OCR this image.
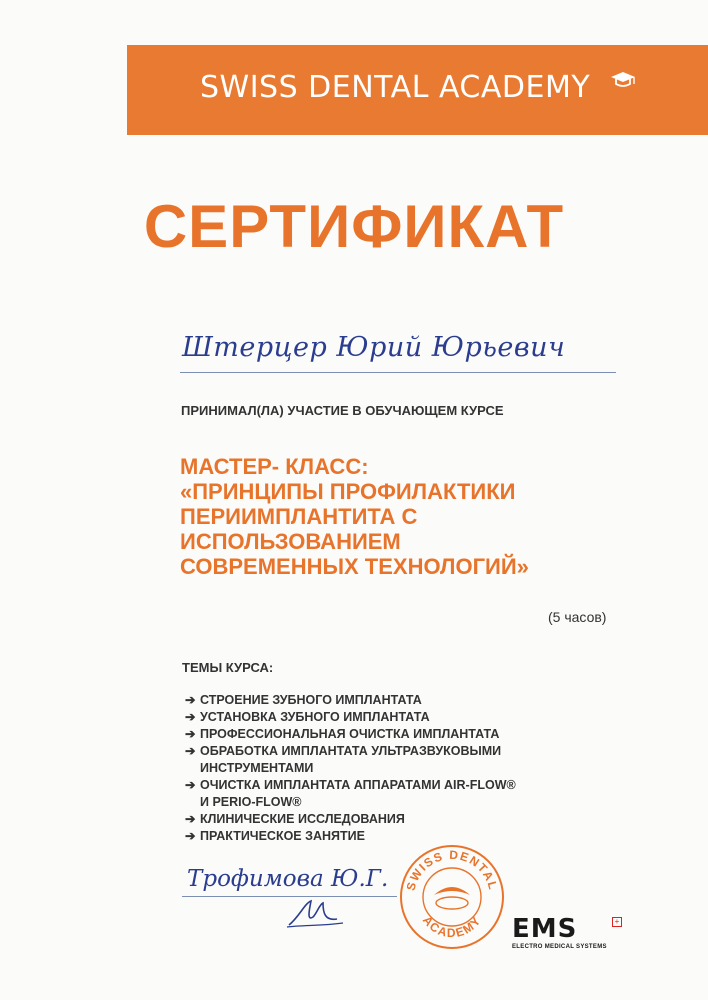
SWISS DENTAL ACADEMY
СЕРТИФИКАТ
Штерцер Юрий Юрьевич
ПРИНИМАЛ(ЛА) УЧАСТИЕ В ОБУЧАЮЩЕМ КУРСЕ
МАСТЕР- КЛАСС:
«ПРИНЦИПЫ ПРОФИЛАКТИКИ
ПЕРИИМПЛАНТИТА С
ИСПОЛЬЗОВАНИЕМ
СОВРЕМЕННЫХ ТЕХНОЛОГИЙ»
(5 часов)
ТЕМЫ КУРСА:
➔ СТРОЕНИЕ ЗУБНОГО ИМПЛАНТАТА
➔ УСТАНОВКА ЗУБНОГО ИМПЛАНТАТА
➔ ПРОФЕССИОНАЛЬНАЯ ОЧИСТКА ИМПЛАНТАТА
➔ ОБРАБОТКА ИМПЛАНТАТА УЛЬТРАЗВУКОВЫМИ
ИНСТРУМЕНТАМИ
➔ ОЧИСТКА ИМПЛАНТАТА АППАРАТАМИ AIR-FLOW®
И PERIO-FLOW®
➔ КЛИНИЧЕСКИЕ ИССЛЕДОВАНИЯ
➔ ПРАКТИЧЕСКОЕ ЗАНЯТИЕ
Трофимова Ю.Г. SWISS DENTAL
ACADEMY EMS	+
ELECTRO MEDICAL SYSTEMS
